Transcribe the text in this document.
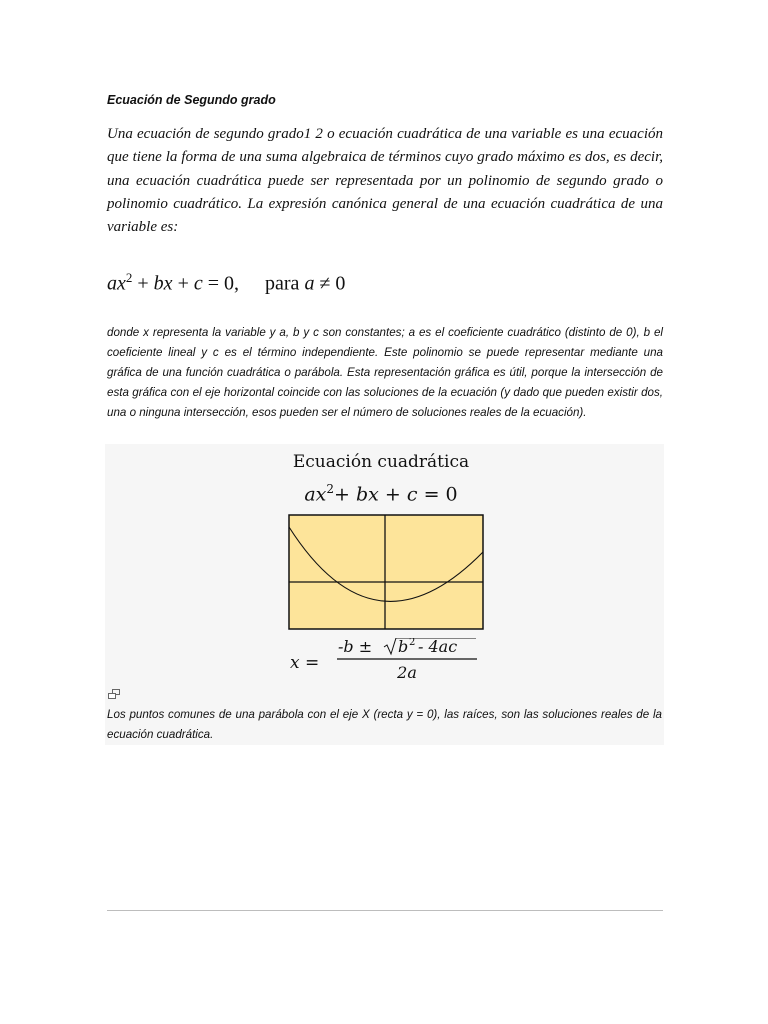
Ecuación de Segundo grado

Una ecuación de segundo grado1 2 o ecuación cuadrática de una variable es una ecuación que tiene la forma de una suma algebraica de términos cuyo grado máximo es dos, es decir, una ecuación cuadrática puede ser representada por un polinomio de segundo grado o polinomio cuadrático. La expresión canónica general de una ecuación cuadrática de una variable es:

$ax^2$ + bx + c = 0, para a ≠ 0

donde x representa la variable y a, b y c son constantes; a es el coeficiente cuadrático (distinto de 0), b el coeficiente lineal y c es el término independiente. Este polinomio se puede representar mediante una gráfica de una función cuadrática o parábola. Esta representación gráfica es útil, porque la intersección de esta gráfica con el eje horizontal coincide con las soluciones de la ecuación (y dado que pueden existir dos, una o ninguna intersección, esos pueden ser el número de soluciones reales de la ecuación).

Ecuación cuadrática
$ax^2+$ bx + c = 0
x =
-b ± b 2 - 4ac
2a

Los puntos comunes de una parábola con el eje X (recta y = 0), las raíces, son las soluciones reales de la ecuación cuadrática.
